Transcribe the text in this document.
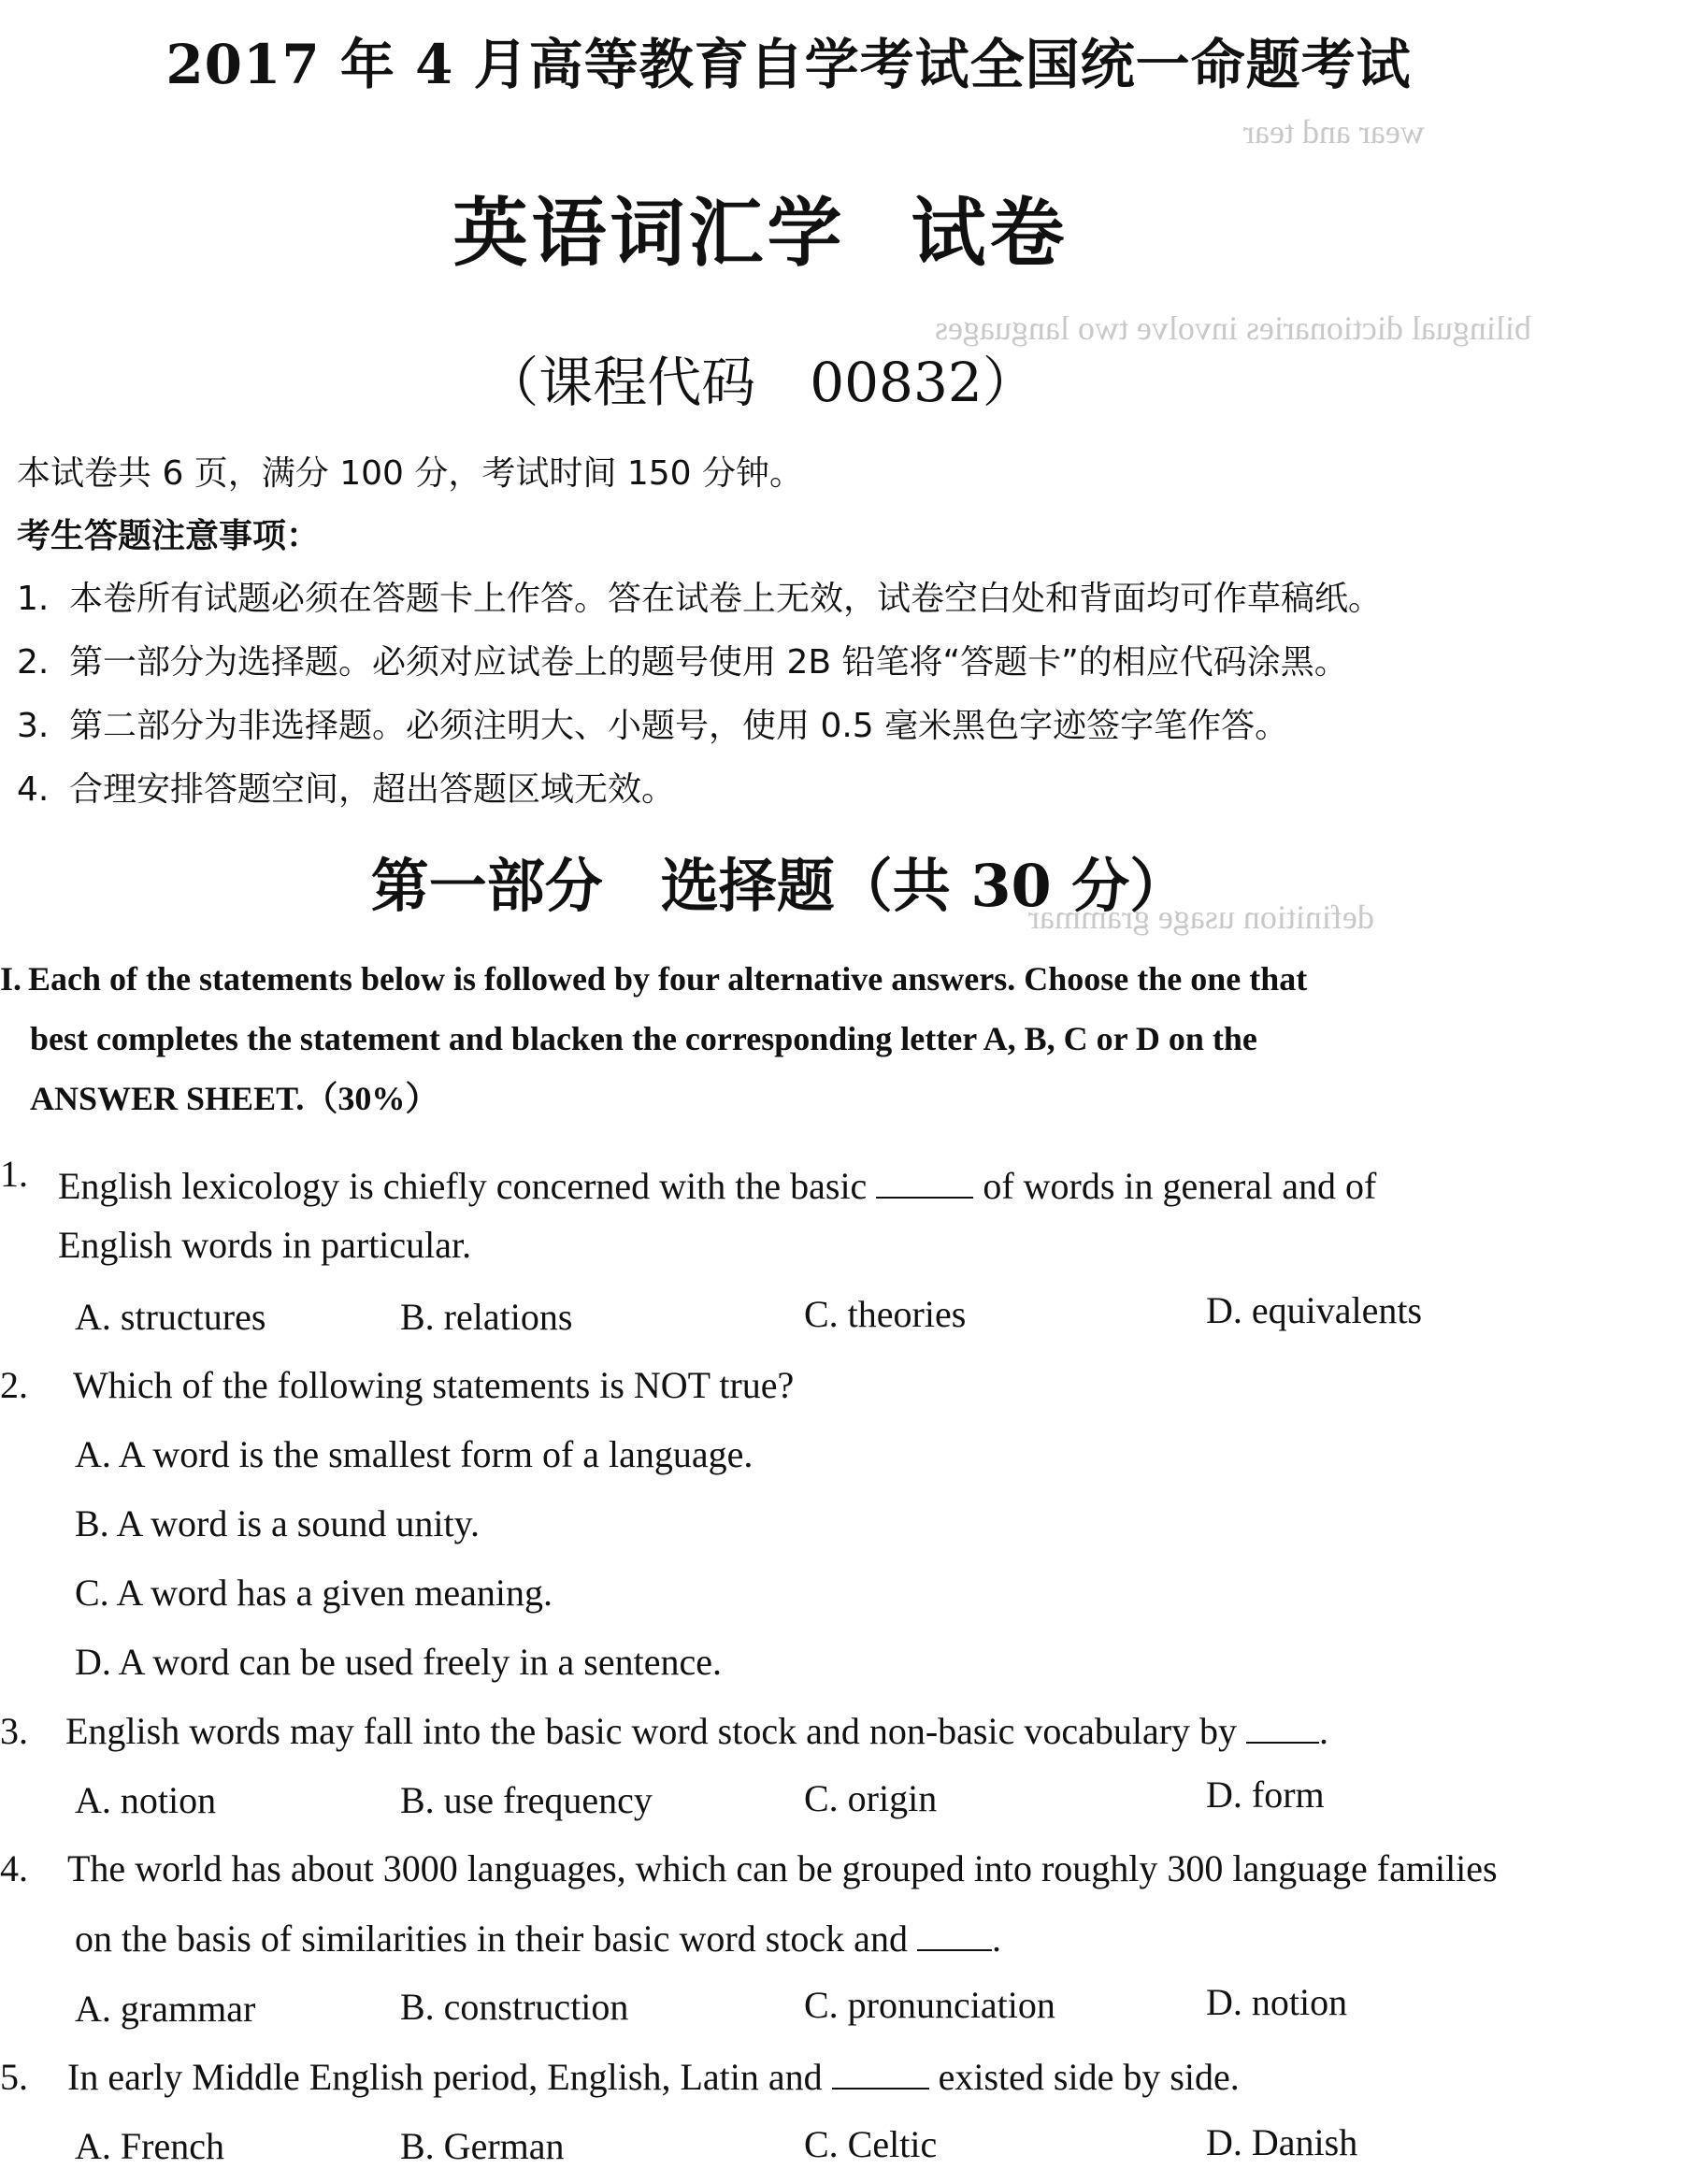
wear and tear
bilingual dictionaries involve two languages
definition usage grammar
2017 年 4 月高等教育自学考试全国统一命题考试
英语词汇学 试卷
（课程代码　00832）
本试卷共 6 页，满分 100 分，考试时间 150 分钟。
考生答题注意事项：
1. 本卷所有试题必须在答题卡上作答。答在试卷上无效，试卷空白处和背面均可作草稿纸。
2. 第一部分为选择题。必须对应试卷上的题号使用 2B 铅笔将“答题卡”的相应代码涂黑。
3. 第二部分为非选择题。必须注明大、小题号，使用 0.5 毫米黑色字迹签字笔作答。
4. 合理安排答题空间，超出答题区域无效。
第一部分　选择题（共 30 分）
I. Each of the statements below is followed by four alternative answers. Choose the one that
best completes the statement and blacken the corresponding letter A, B, C or D on the
ANSWER SHEET.（30%）
1. English lexicology is chiefly concerned with the basic	of words in general and of
English words in particular.
A. structures	B. relations	C. theories	D. equivalents
2. Which of the following statements is NOT true?
A. A word is the smallest form of a language.
B. A word is a sound unity.
C. A word has a given meaning.
D. A word can be used freely in a sentence.
3. English words may fall into the basic word stock and non-basic vocabulary by .
A. notion	B. use frequency	C. origin	D. form
4. The world has about 3000 languages, which can be grouped into roughly 300 language families
on the basis of similarities in their basic word stock and .
A. grammar	B. construction	C. pronunciation	D. notion
5. In early Middle English period, English, Latin and	existed side by side.
A. French	B. German	C. Celtic	D. Danish
